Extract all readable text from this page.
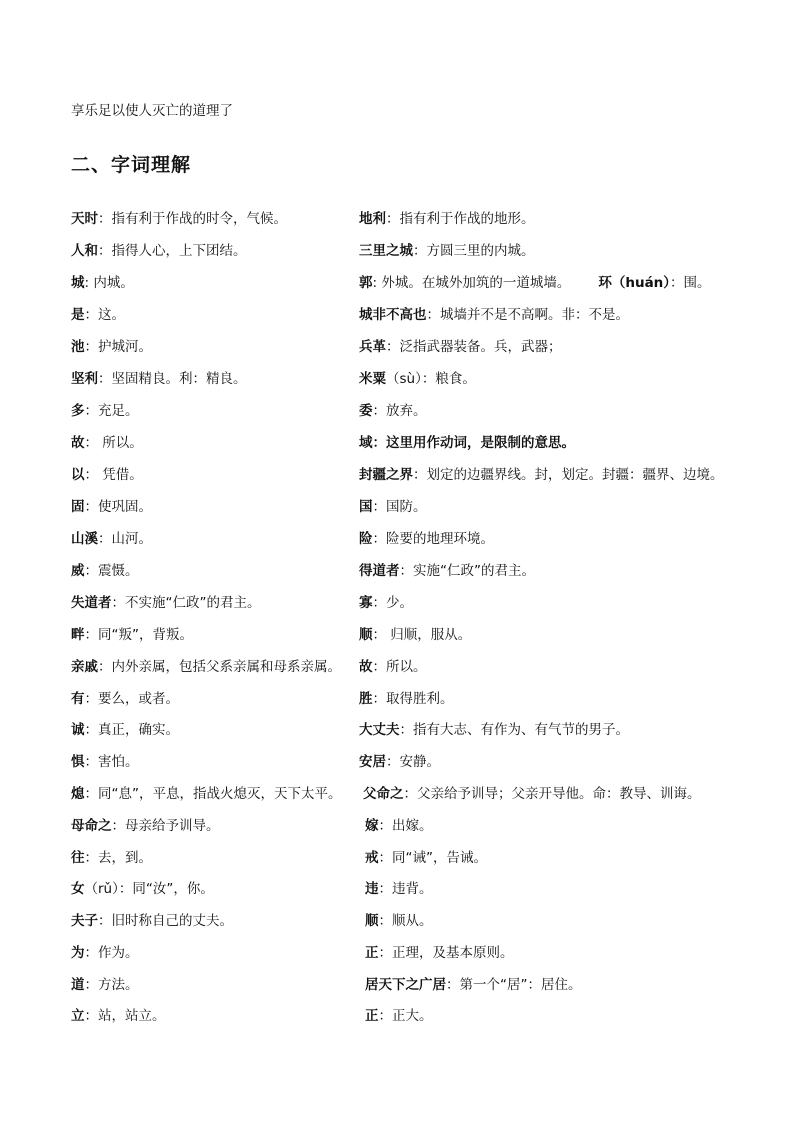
享乐足以使人灭亡的道理了
二、字词理解
天时：指有利于作战的时令，气候。	地利：指有利于作战的地形。
人和：指得人心，上下团结。	三里之城：方圆三里的内城。
城: 内城。	郭: 外城。在城外加筑的一道城墙。 环（huán）：围。
是：这。	城非不高也：城墙并不是不高啊。非：不是。
池：护城河。	兵革：泛指武器装备。兵，武器；
坚利：坚固精良。利：精良。	米粟（sù）：粮食。
多：充足。	委：放弃。
故： 所以。	域：这里用作动词，是限制的意思。
以： 凭借。	封疆之界：划定的边疆界线。封，划定。封疆：疆界、边境。
固：使巩固。	国：国防。
山溪：山河。	险：险要的地理环境。
威：震慑。	得道者：实施“仁政”的君主。
失道者：不实施“仁政”的君主。	寡：少。
畔：同“叛”，背叛。	顺： 归顺，服从。
亲戚：内外亲属，包括父系亲属和母系亲属。 故：所以。
有：要么，或者。	胜：取得胜利。
诚：真正，确实。	大丈夫：指有大志、有作为、有气节的男子。
惧：害怕。	安居：安静。
熄：同“息”，平息，指战火熄灭，天下太平。 父命之：父亲给予训导；父亲开导他。命：教导、训诲。
母命之：母亲给予训导。	嫁：出嫁。
往：去，到。	戒：同“诫”，告诫。
女（rǔ）：同“汝”，你。	违：违背。
夫子：旧时称自己的丈夫。	顺：顺从。
为：作为。	正：正理，及基本原则。
道：方法。	居天下之广居：第一个“居”：居住。
立：站，站立。	正：正大。
